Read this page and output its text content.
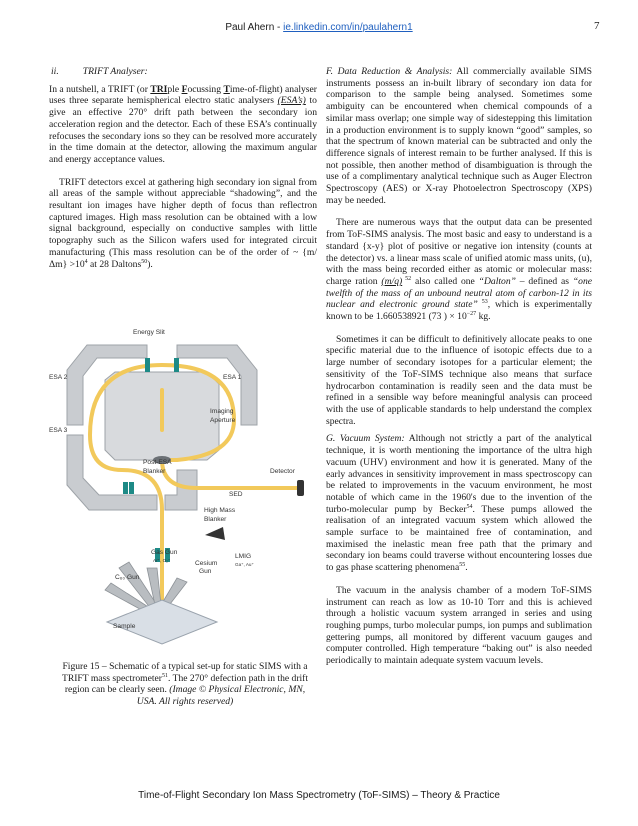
Paul Ahern - ie.linkedin.com/in/paulahern1	7

ii.	TRIFT Analyser:

In a nutshell, a TRIFT (or TRIple Focussing Time-of-flight) analyser uses three separate hemispherical electro static analysers (ESA’s) to give an effective 270° drift path between the secondary ion acceleration region and the detector. Each of these ESA’s continually refocuses the secondary ions so they can be resolved more accurately in the time domain at the detector, allowing the maximum angular and energy acceptance values.

TRIFT detectors excel at gathering high secondary ion signal from all areas of the sample without appreciable “shadowing”, and the resultant ion images have higher depth of focus than reflectron captured images. High mass resolution can be obtained with a low signal background, especially on conductive samples with little topography such as the Silicon wafers used for integrated circuit manufacturing (This mass resolution can be of the order of ~ $\{m/\Delta m\} >10^4$ at 28 Daltons$^{50}$).

Energy Slit
ESA 1
ESA 2
ESA 3
Imaging
Aperture
Post-ESA
Blanker	Detector
SED
High Mass
Blanker
Gas Gun
Ar⁺, O₂⁺	Cesium
Gun
LMIG
Ga⁺, Au⁺
C₆₀ Gun
Sample
Figure 15 – Schematic of a typical set-up for static SIMS with a TRIFT mass spectrometer$^{51}$. The 270° defection path in the drift region can be clearly seen. (Image © Physical Electronic, MN, USA. All rights reserved)

F. Data Reduction & Analysis: All commercially available SIMS instruments possess an in-built library of secondary ion data for comparison to the sample being analysed. Sometimes some ambiguity can be encountered when chemical compounds of a similar mass overlap; one simple way of sidestepping this limitation in a production environment is to supply known “good” samples, so that the spectrum of known material can be subtracted and only the difference signals of interest remain to be further analysed. If this is not possible, then another method of disambiguation is through the use of a complimentary analytical technique such as Auger Electron Spectroscopy (AES) or X-ray Photoelectron Spectroscopy (XPS) may be needed.

There are numerous ways that the output data can be presented from ToF-SIMS analysis. The most basic and easy to understand is a standard {x-y} plot of positive or negative ion intensity (counts at the detector) vs. a linear mass scale of unified atomic mass units, (u), with the mass being recorded either as atomic or molecular mass: charge ration (m/q) $^{52}$ also called one “Dalton” – defined as “one twelfth of the mass of an unbound neutral atom of carbon-12 in its nuclear and electronic ground state” $^{53}$, which is experimentally known to be 1.660538921 (73 ) × $10^{-27}$ kg.

Sometimes it can be difficult to definitively allocate peaks to one specific material due to the influence of isotopic effects due to a large number of secondary isotopes for a particular element; the sensitivity of the ToF-SIMS technique also means that surface hydrocarbon contamination is readily seen and the data must be refined in a sensible way before meaningful analysis can proceed with the use of applicable standards to help understand the complex spectra.

G. Vacuum System: Although not strictly a part of the analytical technique, it is worth mentioning the importance of the ultra high vacuum (UHV) environment and how it is generated. Many of the early advances in sensitivity improvement in mass spectroscopy can be related to improvements in the vacuum environment, he most notable of which came in the 1960's due to the invention of the turbo-molecular pump by Becker$^{54}$. These pumps allowed the realisation of an integrated vacuum system which allowed the sample surface to be maintained free of contamination, and maximised the inelastic mean free path that the primary and secondary ion beams could traverse without encountering losses due to gas phase scattering phenomena$^{55}$.

The vacuum in the analysis chamber of a modern ToF-SIMS instrument can reach as low as 10-10 Torr and this is achieved through a holistic vacuum system arranged in series and using roughing pumps, turbo molecular pumps, ion pumps and sublimation gettering pumps, all monitored by different vacuum gauges and computer controlled. High temperature “baking out” is also needed periodically to maintain adequate system vacuum levels.

Time-of-Flight Secondary Ion Mass Spectrometry (ToF-SIMS) – Theory & Practice
